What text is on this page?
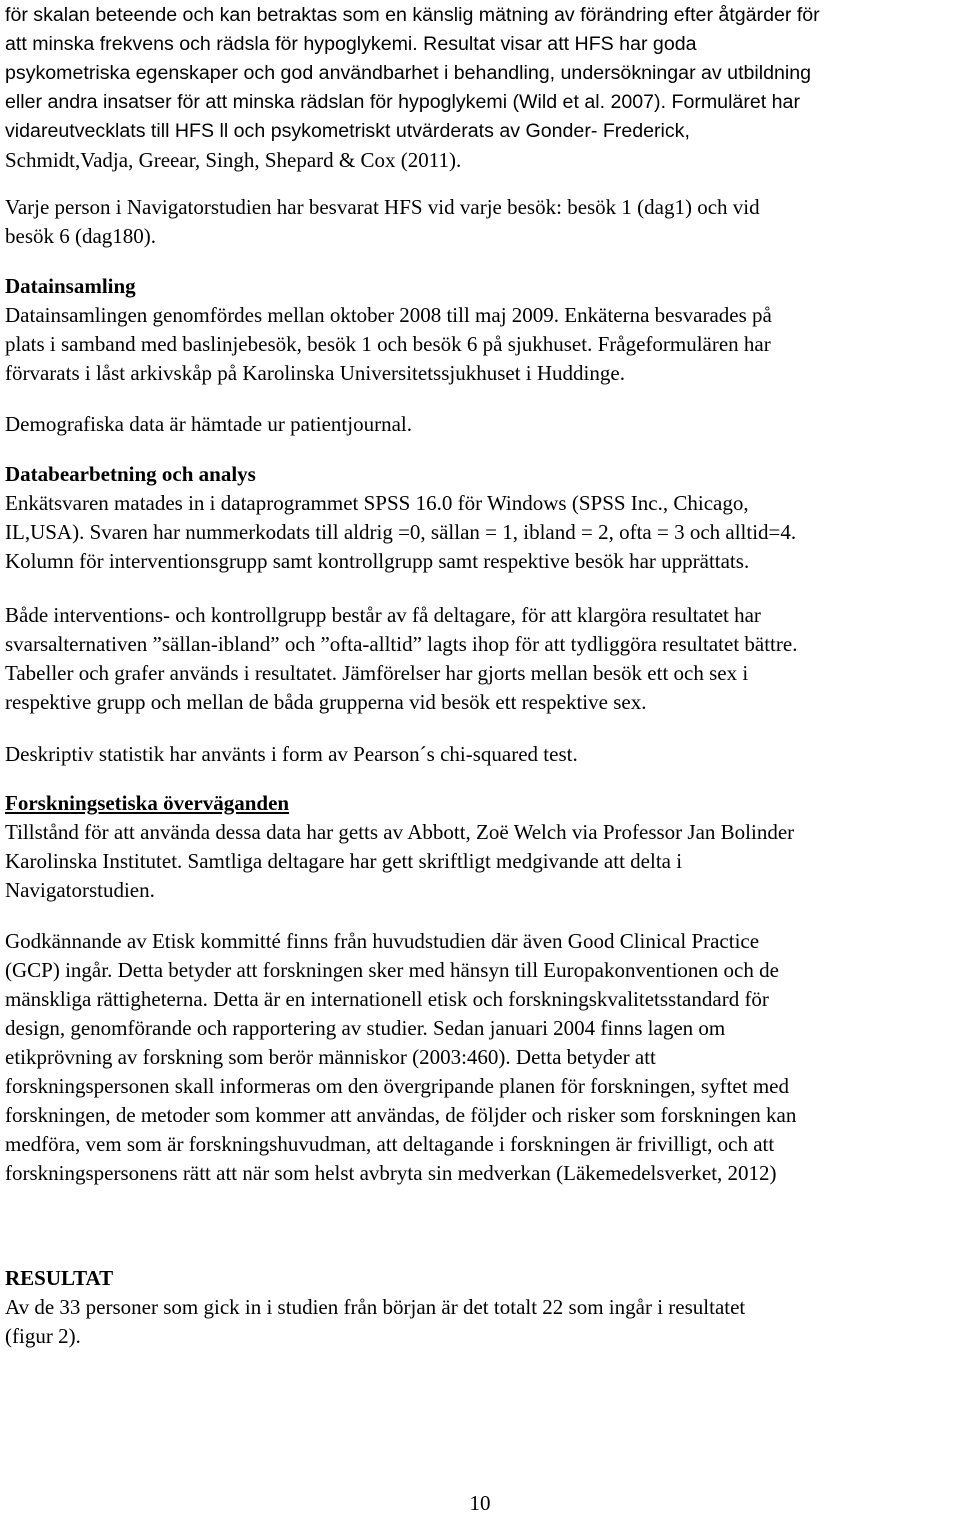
för skalan beteende och kan betraktas som en känslig mätning av förändring efter åtgärder för
att minska frekvens och rädsla för hypoglykemi. Resultat visar att HFS har goda
psykometriska egenskaper och god användbarhet i behandling, undersökningar av utbildning
eller andra insatser för att minska rädslan för hypoglykemi (Wild et al. 2007). Formuläret har
vidareutvecklats till HFS ll och psykometriskt utvärderats av Gonder- Frederick,
Schmidt,Vadja, Greear, Singh, Shepard & Cox (2011).
Varje person i Navigatorstudien har besvarat HFS vid varje besök: besök 1 (dag1) och vid
besök 6 (dag180).
Datainsamling
Datainsamlingen genomfördes mellan oktober 2008 till maj 2009. Enkäterna besvarades på
plats i samband med baslinjebesök, besök 1 och besök 6 på sjukhuset. Frågeformulären har
förvarats i låst arkivskåp på Karolinska Universitetssjukhuset i Huddinge.
Demografiska data är hämtade ur patientjournal.
Databearbetning och analys
Enkätsvaren matades in i dataprogrammet SPSS 16.0 för Windows (SPSS Inc., Chicago,
IL,USA). Svaren har nummerkodats till aldrig =0, sällan = 1, ibland = 2, ofta = 3 och alltid=4.
Kolumn för interventionsgrupp samt kontrollgrupp samt respektive besök har upprättats.
Både interventions- och kontrollgrupp består av få deltagare, för att klargöra resultatet har
svarsalternativen ”sällan-ibland” och ”ofta-alltid” lagts ihop för att tydliggöra resultatet bättre.
Tabeller och grafer används i resultatet. Jämförelser har gjorts mellan besök ett och sex i
respektive grupp och mellan de båda grupperna vid besök ett respektive sex.
Deskriptiv statistik har använts i form av Pearson´s chi-squared test.
Forskningsetiska överväganden
Tillstånd för att använda dessa data har getts av Abbott, Zoë Welch via Professor Jan Bolinder
Karolinska Institutet. Samtliga deltagare har gett skriftligt medgivande att delta i
Navigatorstudien.
Godkännande av Etisk kommitté finns från huvudstudien där även Good Clinical Practice
(GCP) ingår. Detta betyder att forskningen sker med hänsyn till Europakonventionen och de
mänskliga rättigheterna. Detta är en internationell etisk och forskningskvalitetsstandard för
design, genomförande och rapportering av studier. Sedan januari 2004 finns lagen om
etikprövning av forskning som berör människor (2003:460). Detta betyder att
forskningspersonen skall informeras om den övergripande planen för forskningen, syftet med
forskningen, de metoder som kommer att användas, de följder och risker som forskningen kan
medföra, vem som är forskningshuvudman, att deltagande i forskningen är frivilligt, och att
forskningspersonens rätt att när som helst avbryta sin medverkan (Läkemedelsverket, 2012)
RESULTAT
Av de 33 personer som gick in i studien från början är det totalt 22 som ingår i resultatet
(figur 2).
10
